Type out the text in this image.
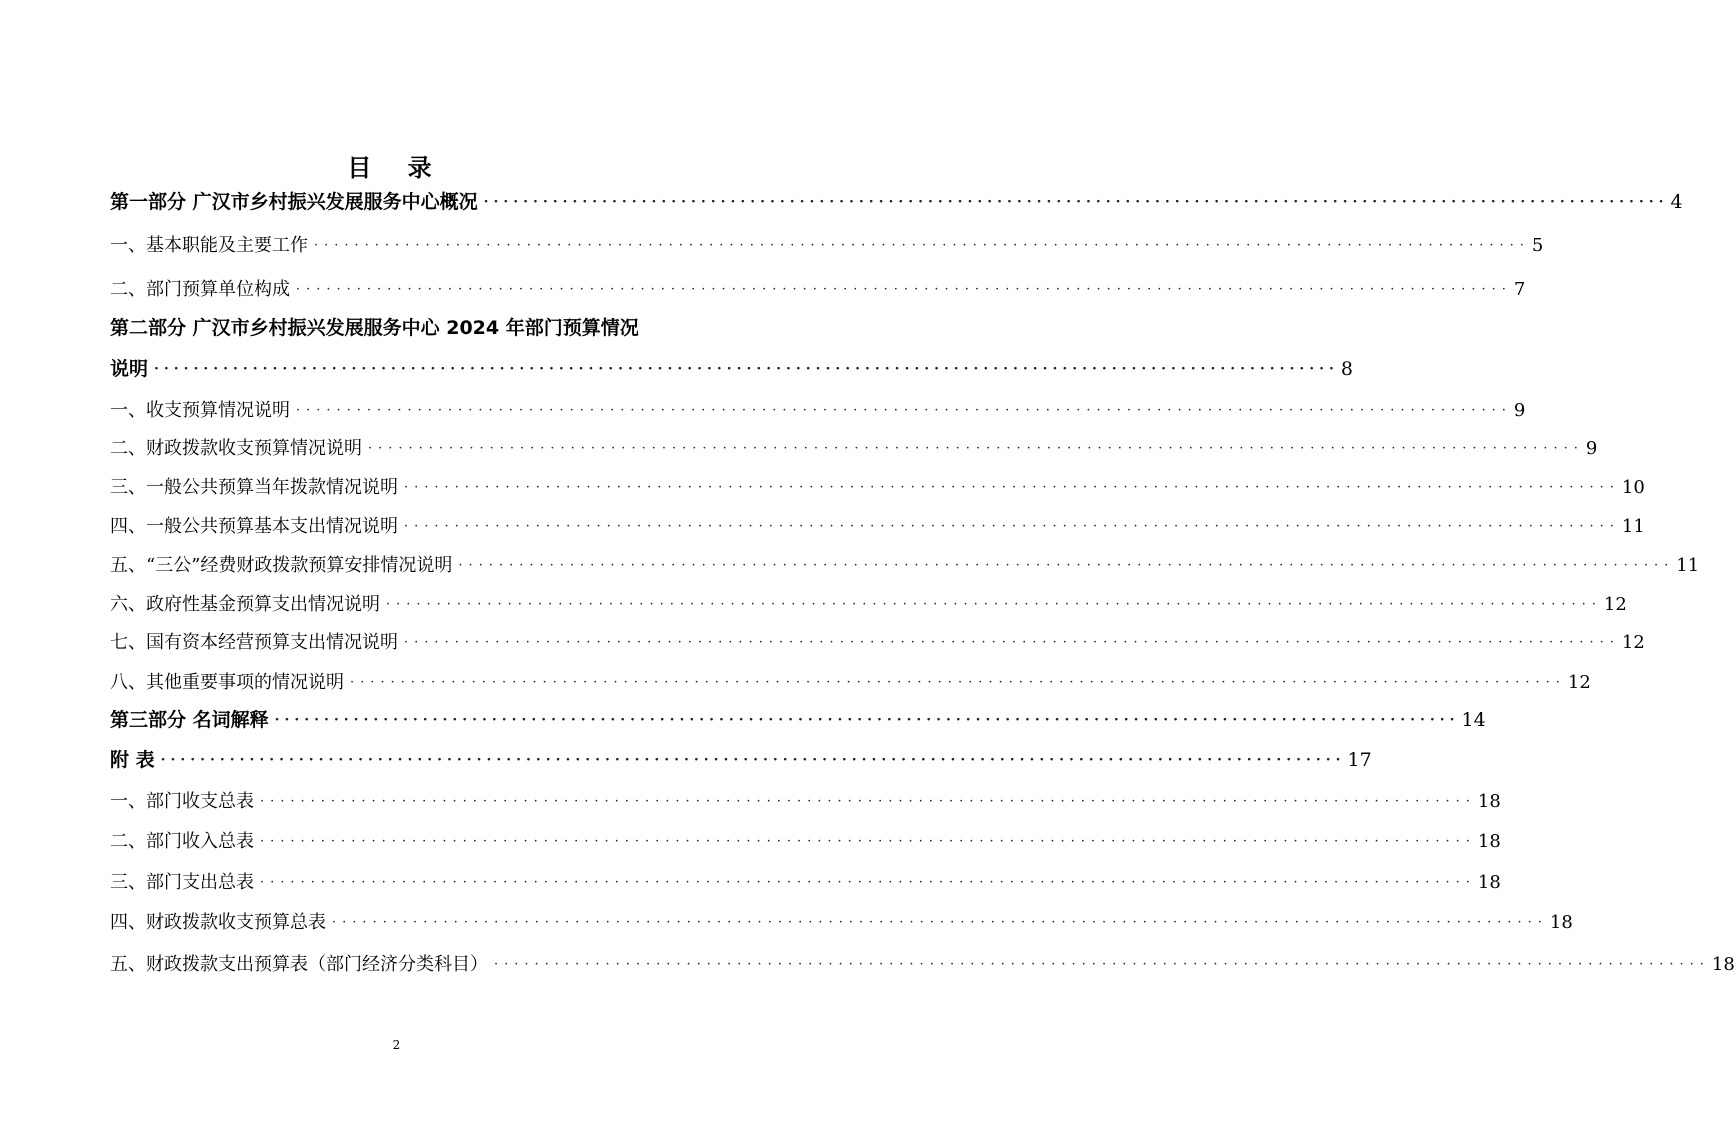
目 录
第一部分 广汉市乡村振兴发展服务中心概况 ························································································································ 4
一、基本职能及主要工作 ························································································································ 5
二、部门预算单位构成 ························································································································ 7
第二部分 广汉市乡村振兴发展服务中心 2024 年部门预算情况
说明 ························································································································ 8
一、收支预算情况说明 ························································································································ 9
二、财政拨款收支预算情况说明 ························································································································ 9
三、一般公共预算当年拨款情况说明 ························································································································ 10
四、一般公共预算基本支出情况说明 ························································································································ 11
五、“三公”经费财政拨款预算安排情况说明 ························································································································ 11
六、政府性基金预算支出情况说明 ························································································································ 12
七、国有资本经营预算支出情况说明 ························································································································ 12
八、其他重要事项的情况说明 ························································································································ 12
第三部分 名词解释 ························································································································ 14
附 表 ························································································································ 17
一、部门收支总表 ························································································································ 18
二、部门收入总表 ························································································································ 18
三、部门支出总表 ························································································································ 18
四、财政拨款收支预算总表 ························································································································ 18
五、财政拨款支出预算表（部门经济分类科目） ························································································································ 18
2
